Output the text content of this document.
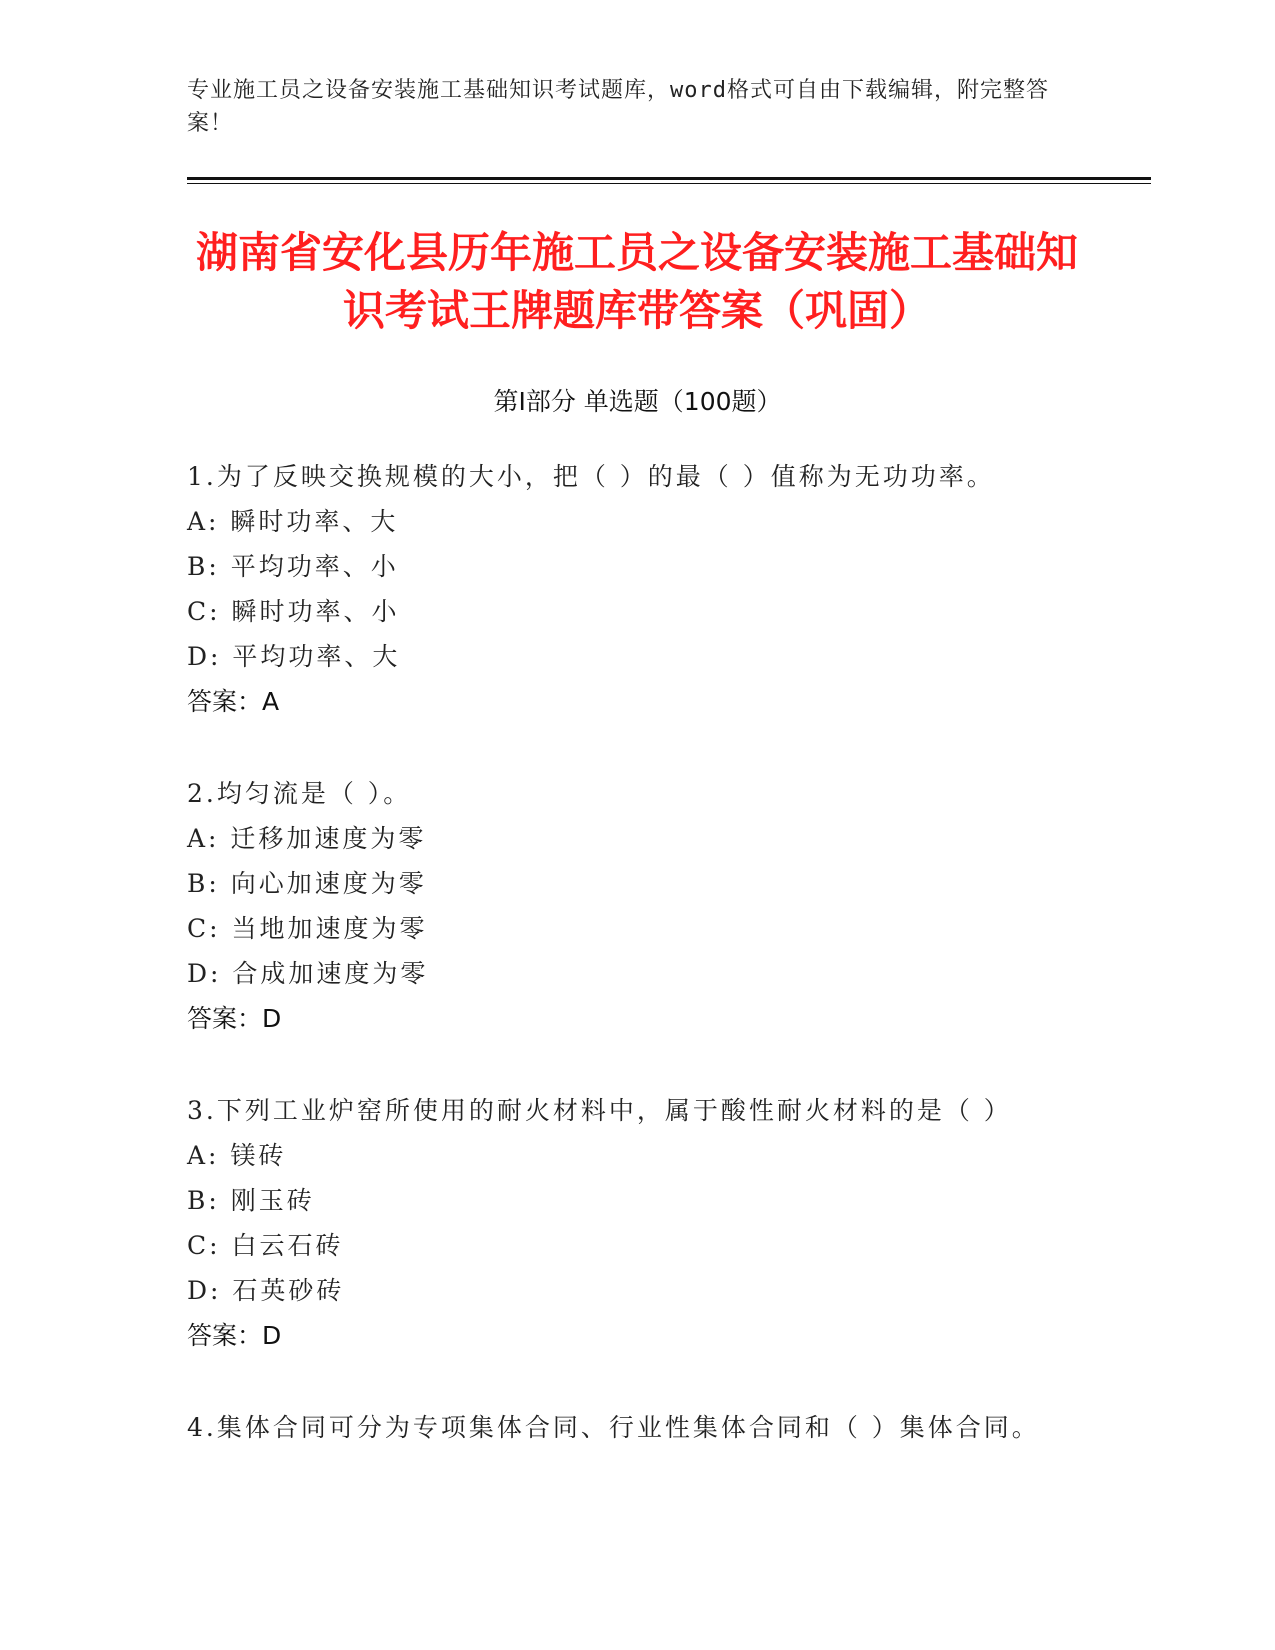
专业施工员之设备安装施工基础知识考试题库，word格式可自由下载编辑，附完整答案！
湖南省安化县历年施工员之设备安装施工基础知识考试王牌题库带答案（巩固）
第Ⅰ部分 单选题（100题）
1.为了反映交换规模的大小，把（ ）的最（ ）值称为无功功率。
A: 瞬时功率、大
B: 平均功率、小
C: 瞬时功率、小
D: 平均功率、大
答案：A
2.均匀流是（ ）。
A: 迁移加速度为零
B: 向心加速度为零
C: 当地加速度为零
D: 合成加速度为零
答案：D
3.下列工业炉窑所使用的耐火材料中，属于酸性耐火材料的是（ ）
A: 镁砖
B: 刚玉砖
C: 白云石砖
D: 石英砂砖
答案：D
4.集体合同可分为专项集体合同、行业性集体合同和（ ）集体合同。
